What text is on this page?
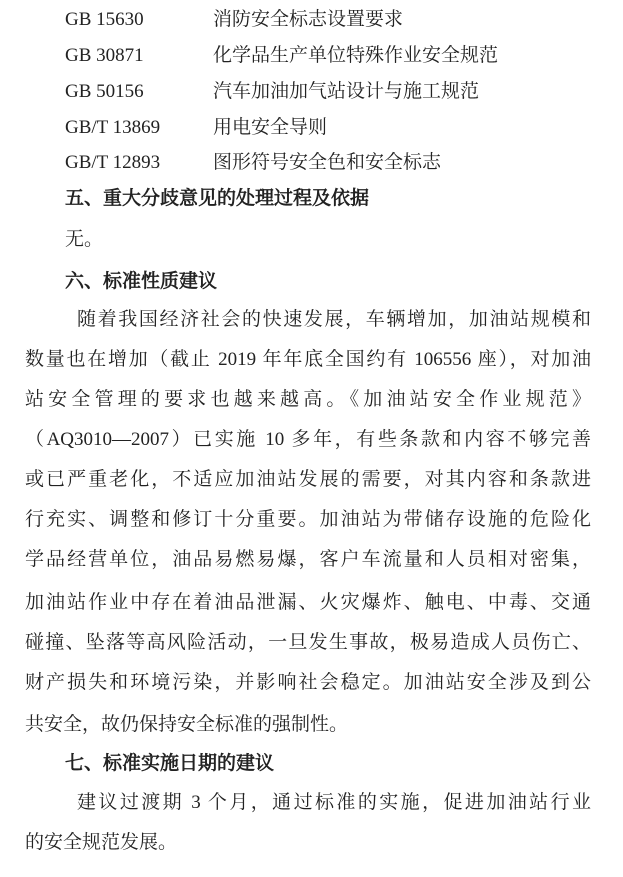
GB 15630	消防安全标志设置要求
GB 30871	化学品生产单位特殊作业安全规范
GB 50156	汽车加油加气站设计与施工规范
GB/T 13869	用电安全导则
GB/T 12893	图形符号安全色和安全标志
五、重大分歧意见的处理过程及依据
无。
六、标准性质建议
随着我国经济社会的快速发展，车辆增加，加油站规模和
数量也在增加（截止 2019 年年底全国约有 106556 座），对加油
站安全管理的要求也越来越高。《加油站安全作业规范》
（AQ3010—2007）已实施 10 多年，有些条款和内容不够完善
或已严重老化，不适应加油站发展的需要，对其内容和条款进
行充实、调整和修订十分重要。加油站为带储存设施的危险化
学品经营单位，油品易燃易爆，客户车流量和人员相对密集，
加油站作业中存在着油品泄漏、火灾爆炸、触电、中毒、交通
碰撞、坠落等高风险活动，一旦发生事故，极易造成人员伤亡、
财产损失和环境污染，并影响社会稳定。加油站安全涉及到公
共安全，故仍保持安全标准的强制性。
七、标准实施日期的建议
建议过渡期 3 个月，通过标准的实施，促进加油站行业
的安全规范发展。
